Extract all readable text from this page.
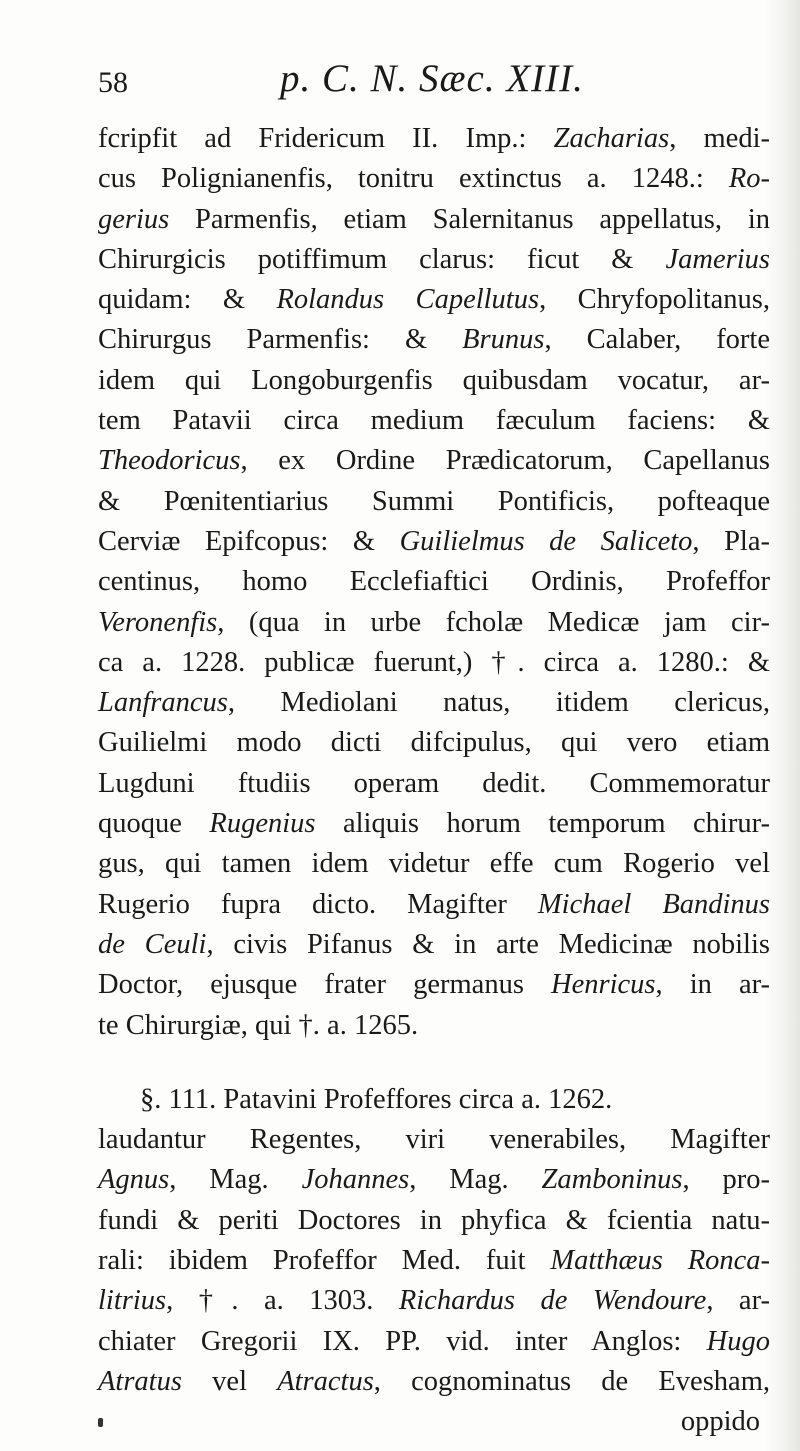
58	p. C. N. Sæc. XIII.
fcripfit ad Fridericum II. Imp.: Zacharias, medi-
cus Polignianenfis, tonitru extinctus a. 1248.: Ro-
gerius Parmenfis, etiam Salernitanus appellatus, in
Chirurgicis potiffimum clarus: ficut & Jamerius
quidam: & Rolandus Capellutus, Chryfopolitanus,
Chirurgus Parmenfis: & Brunus, Calaber, forte
idem qui Longoburgenfis quibusdam vocatur, ar-
tem Patavii circa medium fæculum faciens: &
Theodoricus, ex Ordine Prædicatorum, Capellanus
& Pœnitentiarius Summi Pontificis, pofteaque
Cerviæ Epifcopus: & Guilielmus de Saliceto, Pla-
centinus, homo Ecclefiaftici Ordinis, Profeffor
Veronenfis, (qua in urbe fcholæ Medicæ jam cir-
ca a. 1228. publicæ fuerunt,) †. circa a. 1280.: &
Lanfrancus, Mediolani natus, itidem clericus,
Guilielmi modo dicti difcipulus, qui vero etiam
Lugduni ftudiis operam dedit. Commemoratur
quoque Rugenius aliquis horum temporum chirur-
gus, qui tamen idem videtur effe cum Rogerio vel
Rugerio fupra dicto. Magifter Michael Bandinus
de Ceuli, civis Pifanus & in arte Medicinæ nobilis
Doctor, ejusque frater germanus Henricus, in ar-
te Chirurgiæ, qui †. a. 1265.
§. 111. Patavini Profeffores circa a. 1262.
laudantur Regentes, viri venerabiles, Magifter
Agnus, Mag. Johannes, Mag. Zamboninus, pro-
fundi & periti Doctores in phyfica & fcientia natu-
rali: ibidem Profeffor Med. fuit Matthæus Ronca-
litrius, †. a. 1303. Richardus de Wendoure, ar-
chiater Gregorii IX. PP. vid. inter Anglos: Hugo
Atratus vel Atractus, cognominatus de Evesham,
oppido
